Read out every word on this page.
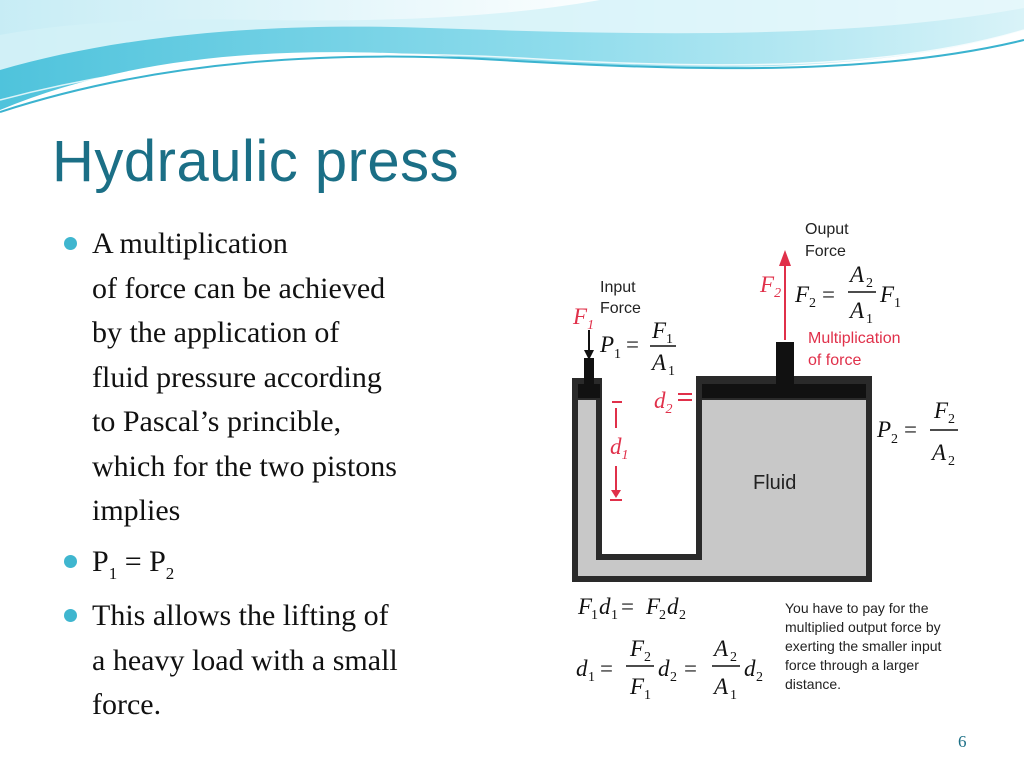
Hydraulic press
A multiplication
of force can be achieved
by the application of
fluid pressure according
to Pascal’s princible,
which for the two pistons
implies
$P_1 = P_2$
This allows the lifting of
a heavy load with a small
force.
Ouput
Force
Input
Force
Multiplication
of force
Fluid
$F_1$
$F_2$
$d_2$
$d_1$
P 1 =
F 1
A 1
F 2 =
A 2
A 1
F 1
P 2 =
F 2
A 2
F
1 d 1 = F
2 d 2
d 1 =
F 2
F 1
d 2 =
A 2
A 1
d 2
You have to pay for the
multiplied output force by
exerting the smaller input
force through a larger
distance.
6
